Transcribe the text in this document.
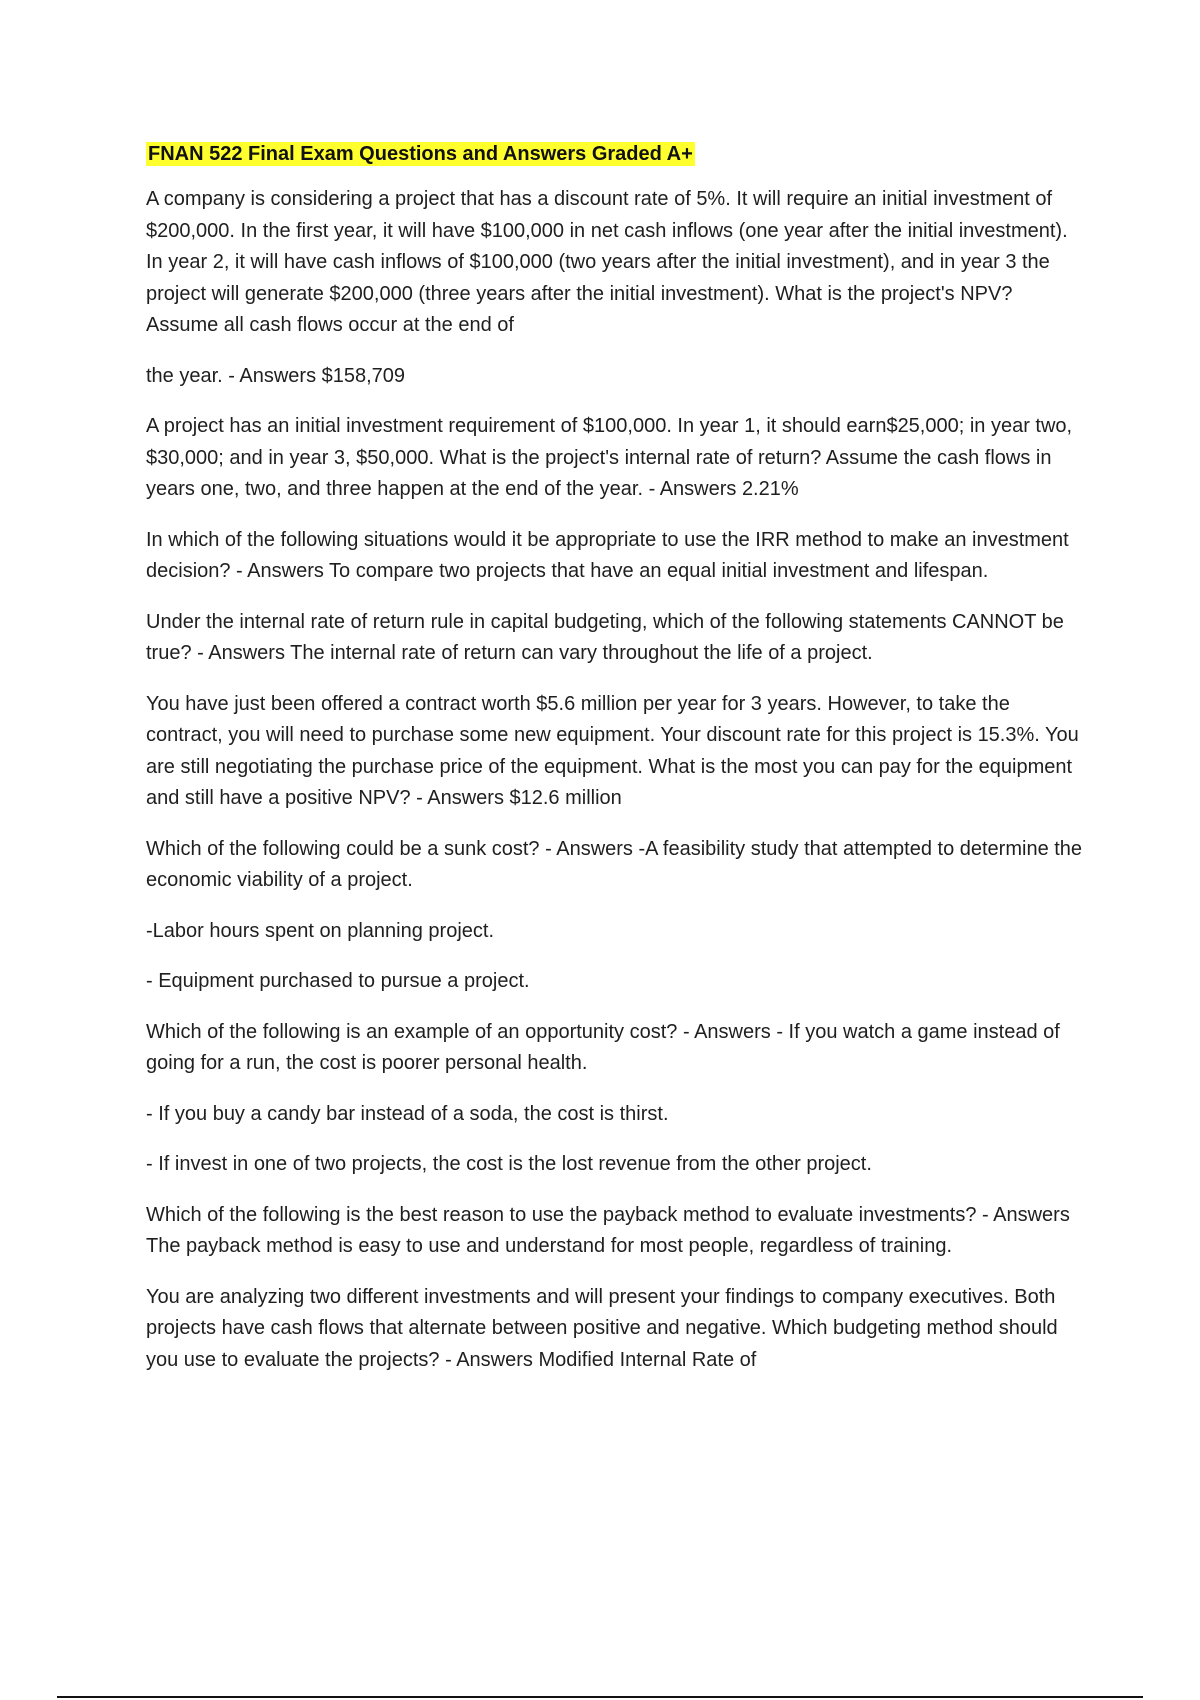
FNAN 522 Final Exam Questions and Answers Graded A+

A company is considering a project that has a discount rate of 5%. It will require an initial investment of $200,000. In the first year, it will have $100,000 in net cash inflows (one year after the initial investment). In year 2, it will have cash inflows of $100,000 (two years after the initial investment), and in year 3 the project will generate $200,000 (three years after the initial investment). What is the project's NPV? Assume all cash flows occur at the end of

the year. - Answers $158,709

A project has an initial investment requirement of $100,000. In year 1, it should earn$25,000; in year two, $30,000; and in year 3, $50,000. What is the project's internal rate of return? Assume the cash flows in years one, two, and three happen at the end of the year. - Answers 2.21%

In which of the following situations would it be appropriate to use the IRR method to make an investment decision? - Answers To compare two projects that have an equal initial investment and lifespan.

Under the internal rate of return rule in capital budgeting, which of the following statements CANNOT be true? - Answers The internal rate of return can vary throughout the life of a project.

You have just been offered a contract worth $5.6 million per year for 3 years. However, to take the contract, you will need to purchase some new equipment. Your discount rate for this project is 15.3%. You are still negotiating the purchase price of the equipment. What is the most you can pay for the equipment and still have a positive NPV? - Answers $12.6 million

Which of the following could be a sunk cost? - Answers -A feasibility study that attempted to determine the economic viability of a project.

-Labor hours spent on planning project.

- Equipment purchased to pursue a project.

Which of the following is an example of an opportunity cost? - Answers - If you watch a game instead of going for a run, the cost is poorer personal health.

- If you buy a candy bar instead of a soda, the cost is thirst.

- If invest in one of two projects, the cost is the lost revenue from the other project.

Which of the following is the best reason to use the payback method to evaluate investments? - Answers The payback method is easy to use and understand for most people, regardless of training.

You are analyzing two different investments and will present your findings to company executives. Both projects have cash flows that alternate between positive and negative. Which budgeting method should you use to evaluate the projects? - Answers Modified Internal Rate of
